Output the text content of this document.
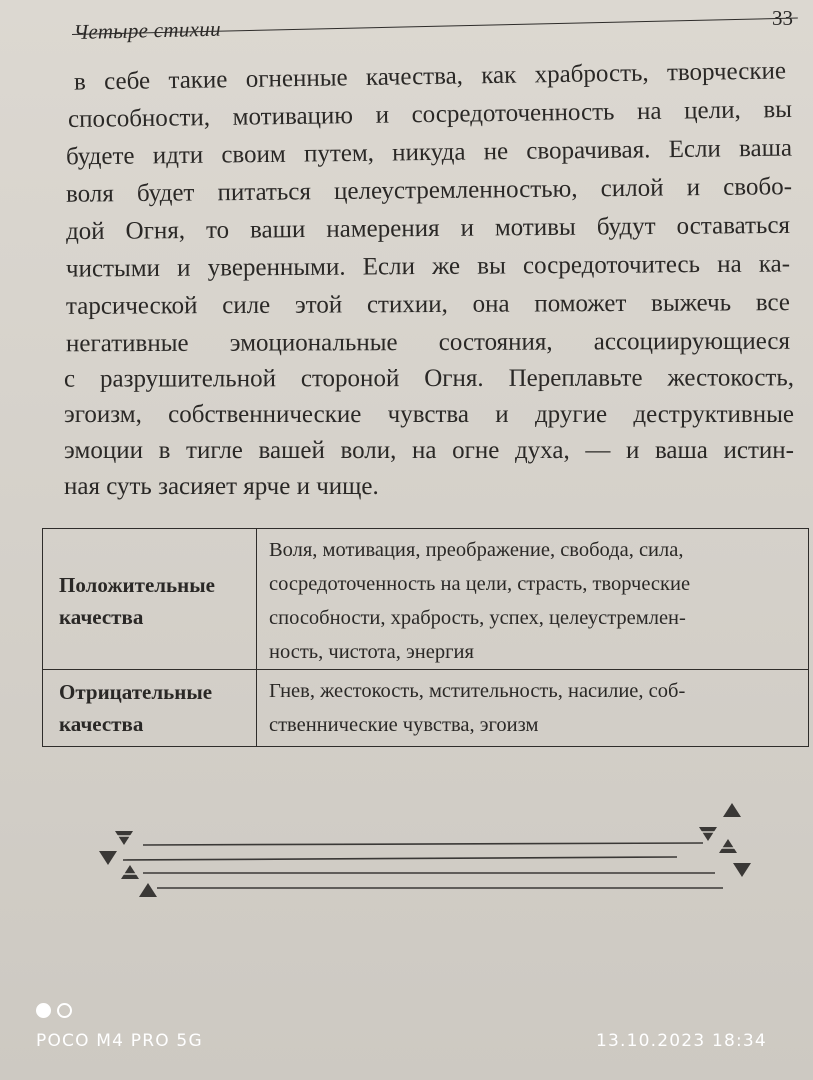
Четыре стихии	33
в себе такие огненные качества, как храбрость, творческие
способности, мотивацию и сосредоточенность на цели, вы
будете идти своим путем, никуда не сворачивая. Если ваша
воля будет питаться целеустремленностью, силой и свобо-
дой Огня, то ваши намерения и мотивы будут оставаться
чистыми и уверенными. Если же вы сосредоточитесь на ка-
тарсической силе этой стихии, она поможет выжечь все
негативные эмоциональные состояния, ассоциирующиеся
с разрушительной стороной Огня. Переплавьте жестокость,
эгоизм, собственнические чувства и другие деструктивные
эмоции в тигле вашей воли, на огне духа, — и ваша истин-
ная суть засияет ярче и чище.
Положительные
качества
Воля, мотивация, преображение, свобода, сила,
сосредоточенность на цели, страсть, творческие
способности, храбрость, успех, целеустремлен-
ность, чистота, энергия
Отрицательные
качества
Гнев, жестокость, мстительность, насилие, соб-
ственнические чувства, эгоизм
POCO M4 PRO 5G	13.10.2023 18:34
